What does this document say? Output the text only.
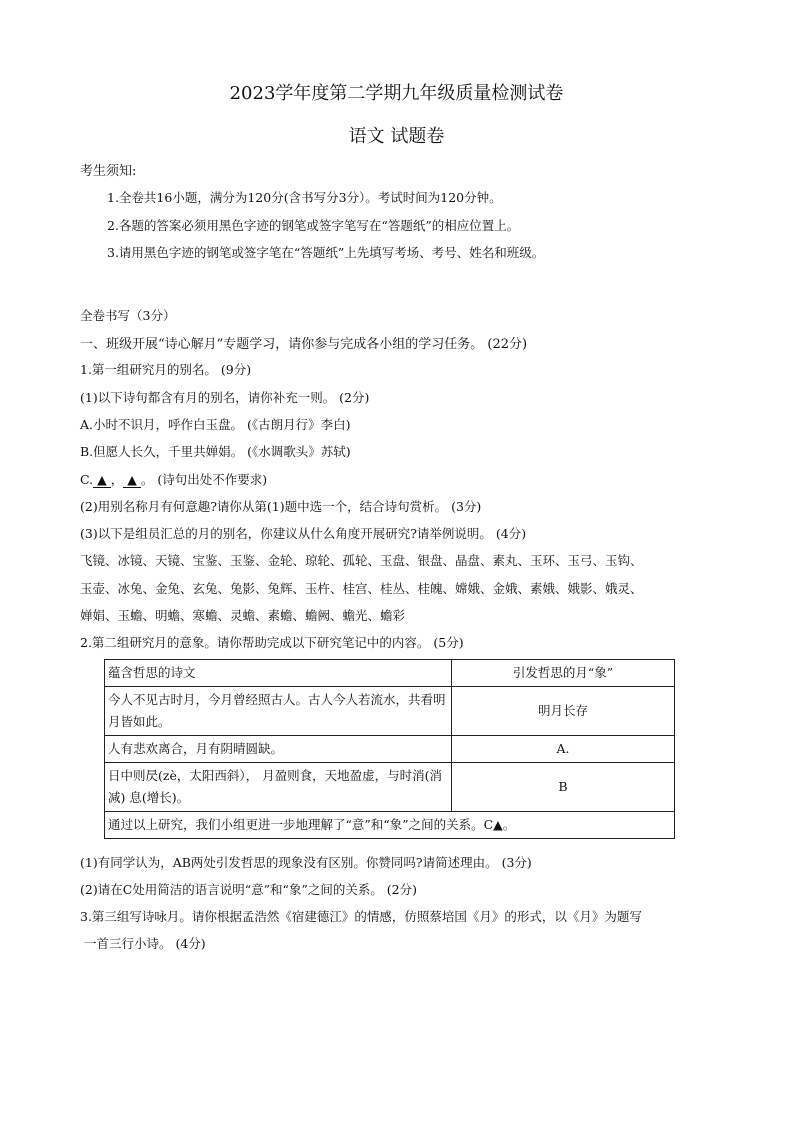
2023学年度第二学期九年级质量检测试卷
语文 试题卷
考生须知:
1.全卷共16小题，满分为120分(含书写分3分）。考试时间为120分钟。
2.各题的答案必须用黑色字迹的钢笔或签字笔写在“答题纸”的相应位置上。
3.请用黑色字迹的钢笔或签字笔在“答题纸”上先填写考场、考号、姓名和班级。
全卷书写（3分）
一、班级开展“诗心解月”专题学习，请你参与完成各小组的学习任务。 (22分)
1.第一组研究月的别名。 (9分)
(1)以下诗句都含有月的别名，请你补充一则。 (2分)
A.小时不识月，呼作白玉盘。 (《古朗月行》李白)
B.但愿人长久，千里共婵娟。 (《水调歌头》苏轼)
C. ▲ ， ▲ 。 (诗句出处不作要求)
(2)用别名称月有何意趣?请你从第(1)题中选一个，结合诗句赏析。 (3分)
(3)以下是组员汇总的月的别名，你建议从什么角度开展研究?请举例说明。 (4分)
飞镜、冰镜、天镜、宝鉴、玉鉴、金轮、琼轮、孤轮、玉盘、银盘、晶盘、素丸、玉环、玉弓、玉钩、
玉壶、冰兔、金兔、玄兔、兔影、兔辉、玉杵、桂宫、桂丛、桂魄、嫦娥、金娥、素娥、娥影、娥灵、
婵娟、玉蟾、明蟾、寒蟾、灵蟾、素蟾、蟾阙、蟾光、蟾彩
2.第二组研究月的意象。请你帮助完成以下研究笔记中的内容。 (5分)
蕴含哲思的诗文	引发哲思的月“象”
今人不见古时月，今月曾经照古人。古人今人若流水，共看明月皆如此。	明月长存
人有悲欢离合，月有阴晴圆缺。	A.
日中则昃(zè，太阳西斜）， 月盈则食，天地盈虚，与时消(消减) 息(增长)。	B
通过以上研究，我们小组更进一步地理解了“意”和“象”之间的关系。C▲。	
(1)有同学认为，AB两处引发哲思的现象没有区别。你赞同吗?请简述理由。 (3分)
(2)请在C处用简洁的语言说明“意”和“象”之间的关系。 (2分)
3.第三组写诗咏月。请你根据孟浩然《宿建德江》的情感，仿照蔡培国《月》的形式，以《月》为题写
一首三行小诗。 (4分)
